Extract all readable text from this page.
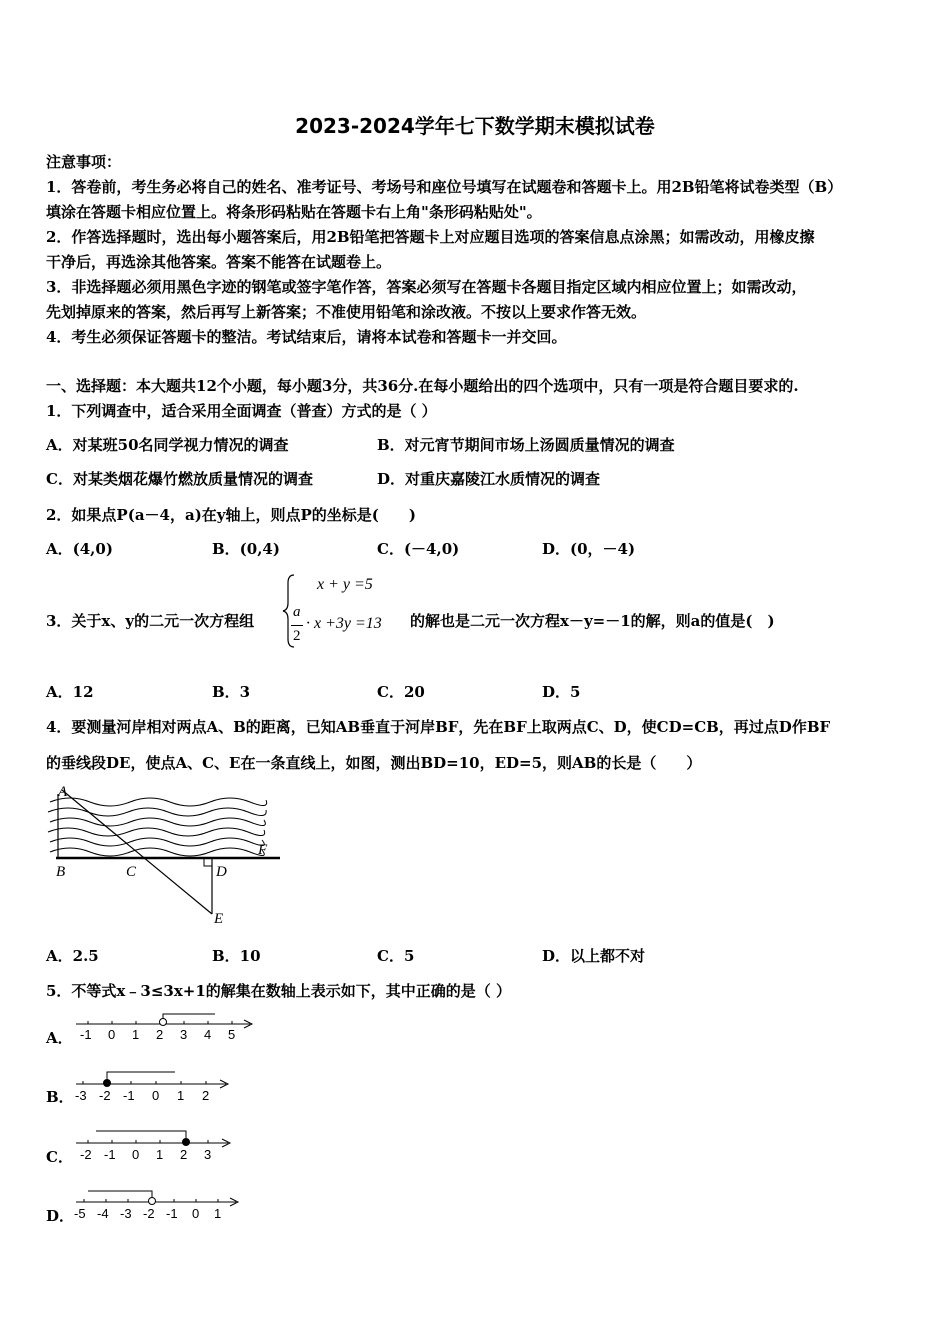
2023-2024学年七下数学期末模拟试卷
注意事项：
1．答卷前，考生务必将自己的姓名、准考证号、考场号和座位号填写在试题卷和答题卡上。用2B铅笔将试卷类型（B）
填涂在答题卡相应位置上。将条形码粘贴在答题卡右上角"条形码粘贴处"。
2．作答选择题时，选出每小题答案后，用2B铅笔把答题卡上对应题目选项的答案信息点涂黑；如需改动，用橡皮擦
干净后，再选涂其他答案。答案不能答在试题卷上。
3．非选择题必须用黑色字迹的钢笔或签字笔作答，答案必须写在答题卡各题目指定区域内相应位置上；如需改动，
先划掉原来的答案，然后再写上新答案；不准使用铅笔和涂改液。不按以上要求作答无效。
4．考生必须保证答题卡的整洁。考试结束后，请将本试卷和答题卡一并交回。
一、选择题：本大题共12个小题，每小题3分，共36分.在每小题给出的四个选项中，只有一项是符合题目要求的.
1．下列调查中，适合采用全面调查（普查）方式的是（ ）
A．对某班50名同学视力情况的调查	B．对元宵节期间市场上汤圆质量情况的调查
C．对某类烟花爆竹燃放质量情况的调查	D．对重庆嘉陵江水质情况的调查
2．如果点P(a－4，a)在y轴上，则点P的坐标是(　　)
A．(4,0)	B．(0,4)	C．(－4,0)	D．(0，－4)
3．关于x、y的二元一次方程组
x + y =5
a
2
· x +3y =13 的解也是二元一次方程x－y=－1的解，则a的值是(　)
A．12	B．3	C．20	D．5
4．要测量河岸相对两点A、B的距离，已知AB垂直于河岸BF，先在BF上取两点C、D，使CD=CB，再过点D作BF
的垂线段DE，使点A、C、E在一条直线上，如图，测出BD=10，ED=5，则AB的长是（　　）
A
B	C	D
E
F
A．2.5	B．10	C．5	D．以上都不对
5．不等式x﹣3≤3x+1的解集在数轴上表示如下，其中正确的是（ ）
A． -1 0 1 2 3 4 5
B． -3 -2 -1 0 1 2
C． -2 -1 0 1 2 3
D． -5 -4 -3 -2 -1 0 1
